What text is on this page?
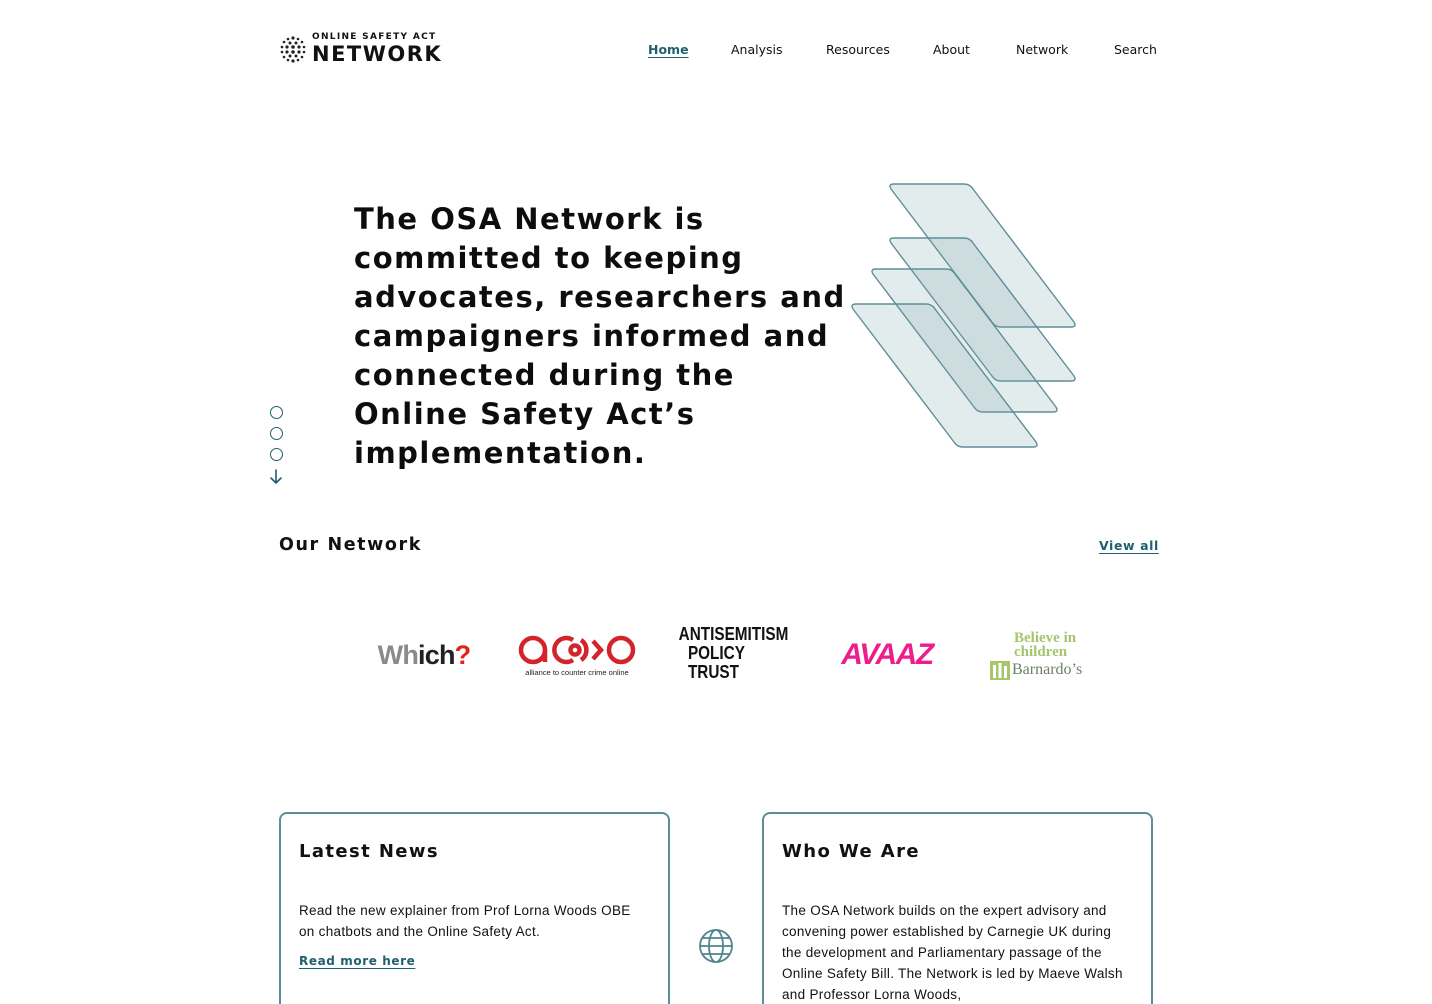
ONLINE SAFETY ACT
NETWORK	Home	Analysis	Resources	About	Network	Search
The OSA Network is committed to keeping advocates, researchers and campaigners informed and connected during the Online Safety Act’s implementation.
Our Network	View all
Wh ich ?
alliance to counter crime online
ANTISEMITISM
POLICY TRUST
AVAAZ
Believe in
children
Barnardo’s
Latest News

Read the new explainer from Prof Lorna Woods OBE on chatbots and the Online Safety Act.

Read more here
Who We Are

The OSA Network builds on the expert advisory and convening power established by Carnegie UK during the development and Parliamentary passage of the Online Safety Bill. The Network is led by Maeve Walsh and Professor Lorna Woods,
